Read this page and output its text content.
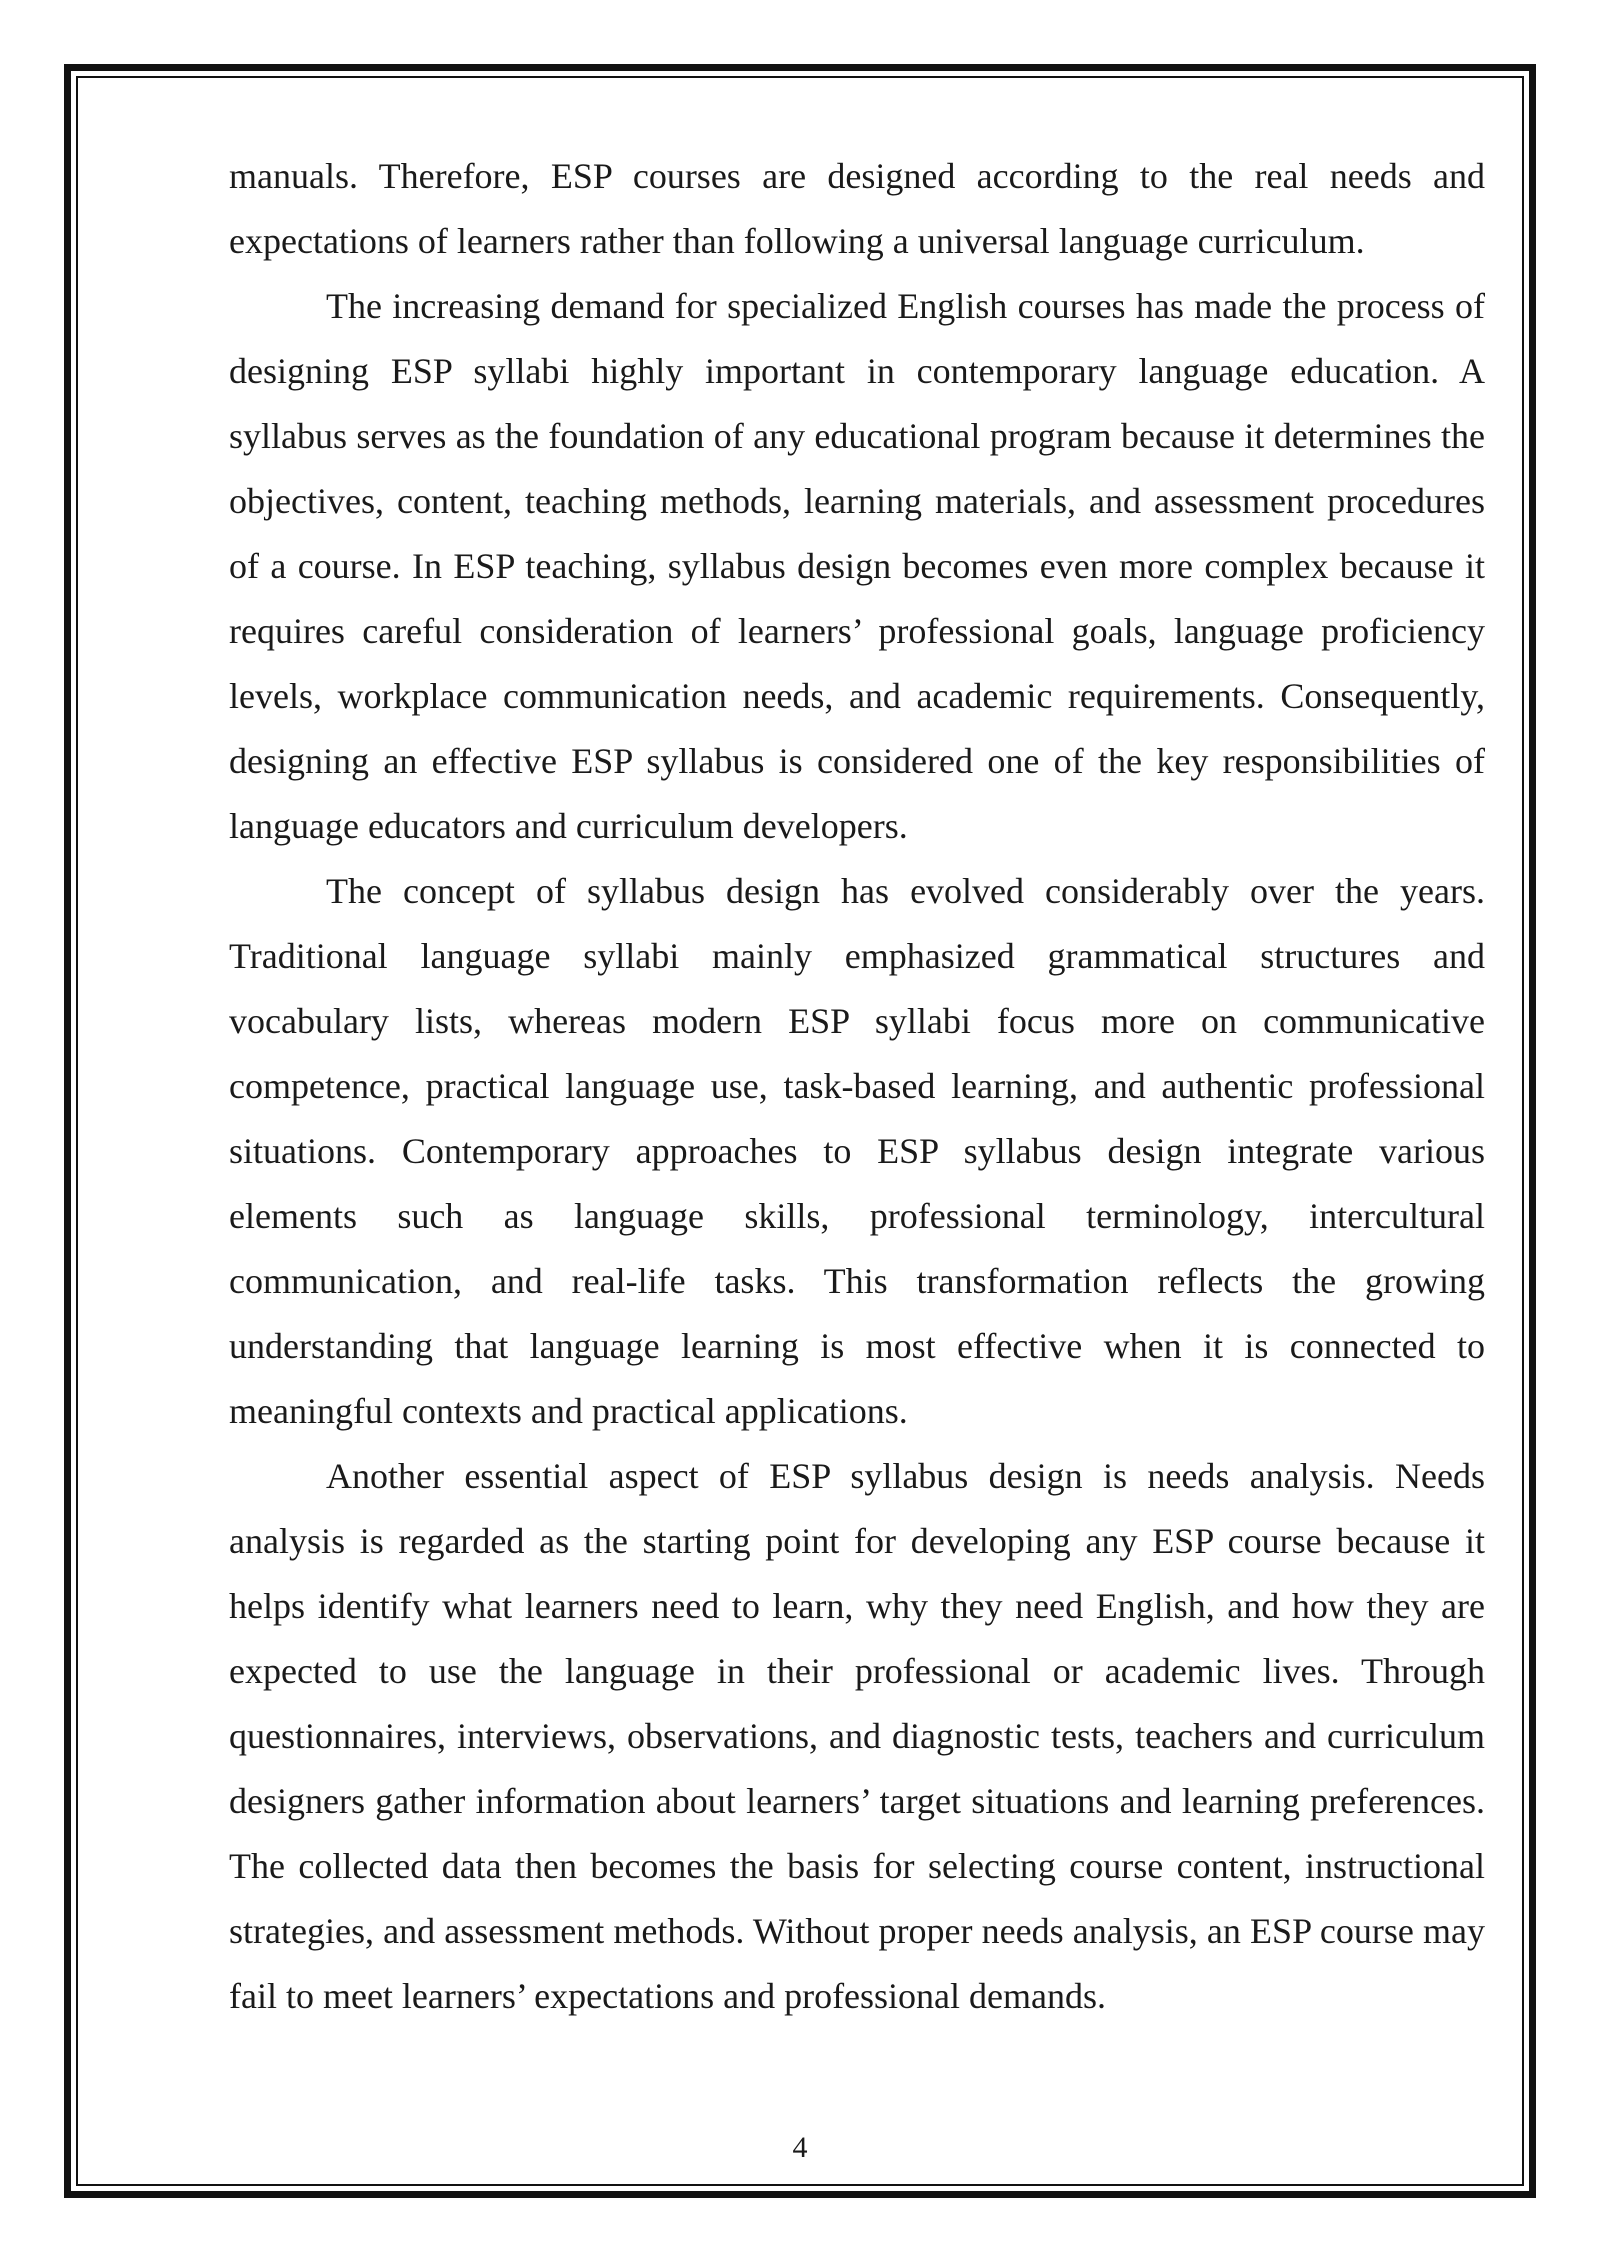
manuals. Therefore, ESP courses are designed according to the real needs and expectations of learners rather than following a universal language curriculum.

The increasing demand for specialized English courses has made the process of designing ESP syllabi highly important in contemporary language education. A syllabus serves as the foundation of any educational program because it determines the objectives, content, teaching methods, learning materials, and assessment procedures of a course. In ESP teaching, syllabus design becomes even more complex because it requires careful consideration of learners’ professional goals, language proficiency levels, workplace communication needs, and academic requirements. Consequently, designing an effective ESP syllabus is considered one of the key responsibilities of language educators and curriculum developers.

The concept of syllabus design has evolved considerably over the years. Traditional language syllabi mainly emphasized grammatical structures and vocabulary lists, whereas modern ESP syllabi focus more on communicative competence, practical language use, task-based learning, and authentic professional situations. Contemporary approaches to ESP syllabus design integrate various elements such as language skills, professional terminology, intercultural communication, and real-life tasks. This transformation reflects the growing understanding that language learning is most effective when it is connected to meaningful contexts and practical applications.

Another essential aspect of ESP syllabus design is needs analysis. Needs analysis is regarded as the starting point for developing any ESP course because it helps identify what learners need to learn, why they need English, and how they are expected to use the language in their professional or academic lives. Through questionnaires, interviews, observations, and diagnostic tests, teachers and curriculum designers gather information about learners’ target situations and learning preferences. The collected data then becomes the basis for selecting course content, instructional strategies, and assessment methods. Without proper needs analysis, an ESP course may fail to meet learners’ expectations and professional demands.

4
